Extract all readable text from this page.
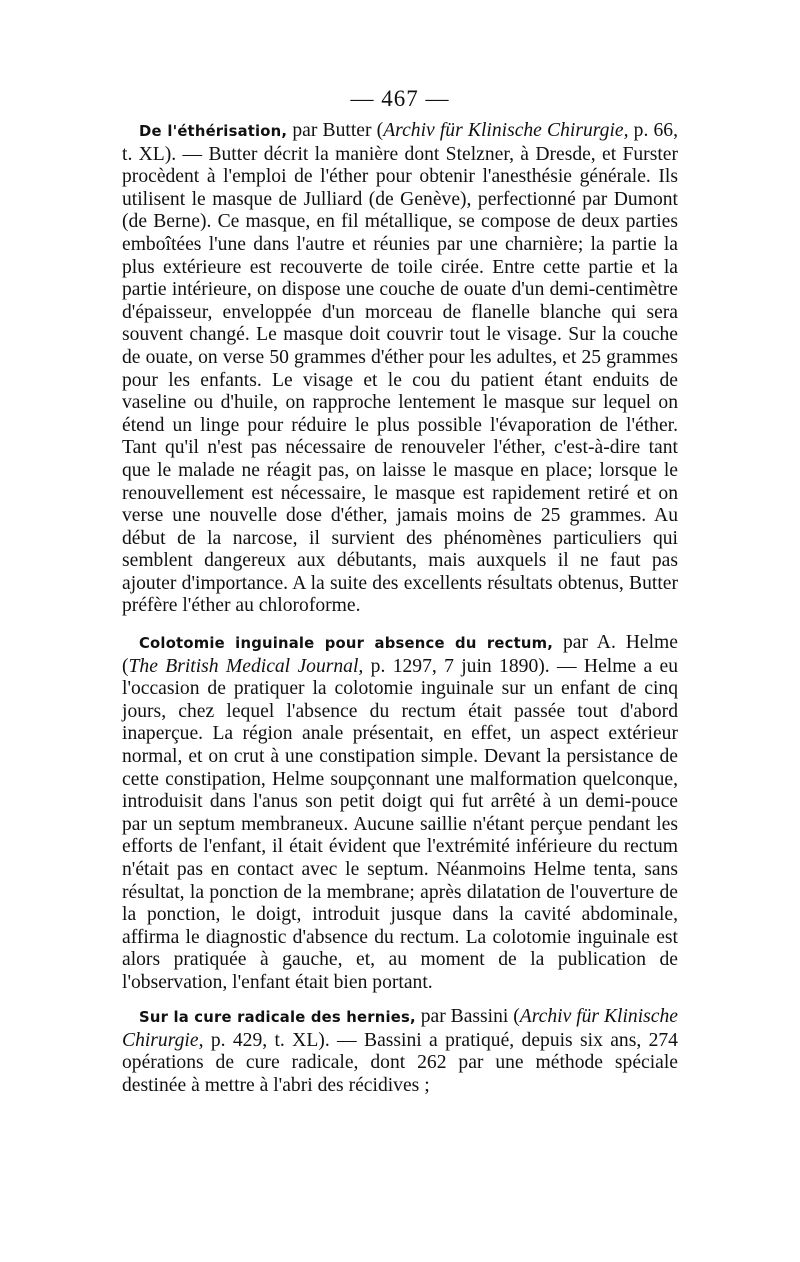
— 467 —

De l'éthérisation, par Butter (Archiv für Klinische Chirurgie, p. 66, t. XL). — Butter décrit la manière dont Stelzner, à Dresde, et Furster procèdent à l'emploi de l'éther pour obtenir l'anesthésie générale. Ils utilisent le masque de Julliard (de Genève), perfectionné par Dumont (de Berne). Ce masque, en fil métallique, se compose de deux parties emboîtées l'une dans l'autre et réunies par une charnière; la partie la plus extérieure est recouverte de toile cirée. Entre cette partie et la partie intérieure, on dispose une couche de ouate d'un demi-centimètre d'épaisseur, enveloppée d'un morceau de flanelle blanche qui sera souvent changé. Le masque doit couvrir tout le visage. Sur la couche de ouate, on verse 50 grammes d'éther pour les adultes, et 25 grammes pour les enfants. Le visage et le cou du patient étant enduits de vaseline ou d'huile, on rapproche lentement le masque sur lequel on étend un linge pour réduire le plus possible l'évaporation de l'éther. Tant qu'il n'est pas nécessaire de renouveler l'éther, c'est-à-dire tant que le malade ne réagit pas, on laisse le masque en place; lorsque le renouvellement est nécessaire, le masque est rapidement retiré et on verse une nouvelle dose d'éther, jamais moins de 25 grammes. Au début de la narcose, il survient des phénomènes particuliers qui semblent dangereux aux débutants, mais auxquels il ne faut pas ajouter d'importance. A la suite des excellents résultats obtenus, Butter préfère l'éther au chloroforme.

Colotomie inguinale pour absence du rectum, par A. Helme (The British Medical Journal, p. 1297, 7 juin 1890). — Helme a eu l'occasion de pratiquer la colotomie inguinale sur un enfant de cinq jours, chez lequel l'absence du rectum était passée tout d'abord inaperçue. La région anale présentait, en effet, un aspect extérieur normal, et on crut à une constipation simple. Devant la persistance de cette constipation, Helme soupçonnant une malformation quelconque, introduisit dans l'anus son petit doigt qui fut arrêté à un demi-pouce par un septum membraneux. Aucune saillie n'étant perçue pendant les efforts de l'enfant, il était évident que l'extrémité inférieure du rectum n'était pas en contact avec le septum. Néanmoins Helme tenta, sans résultat, la ponction de la membrane; après dilatation de l'ouverture de la ponction, le doigt, introduit jusque dans la cavité abdominale, affirma le diagnostic d'absence du rectum. La colotomie inguinale est alors pratiquée à gauche, et, au moment de la publication de l'observation, l'enfant était bien portant.

Sur la cure radicale des hernies, par Bassini (Archiv für Klinische Chirurgie, p. 429, t. XL). — Bassini a pratiqué, depuis six ans, 274 opérations de cure radicale, dont 262 par une méthode spéciale destinée à mettre à l'abri des récidives ;
